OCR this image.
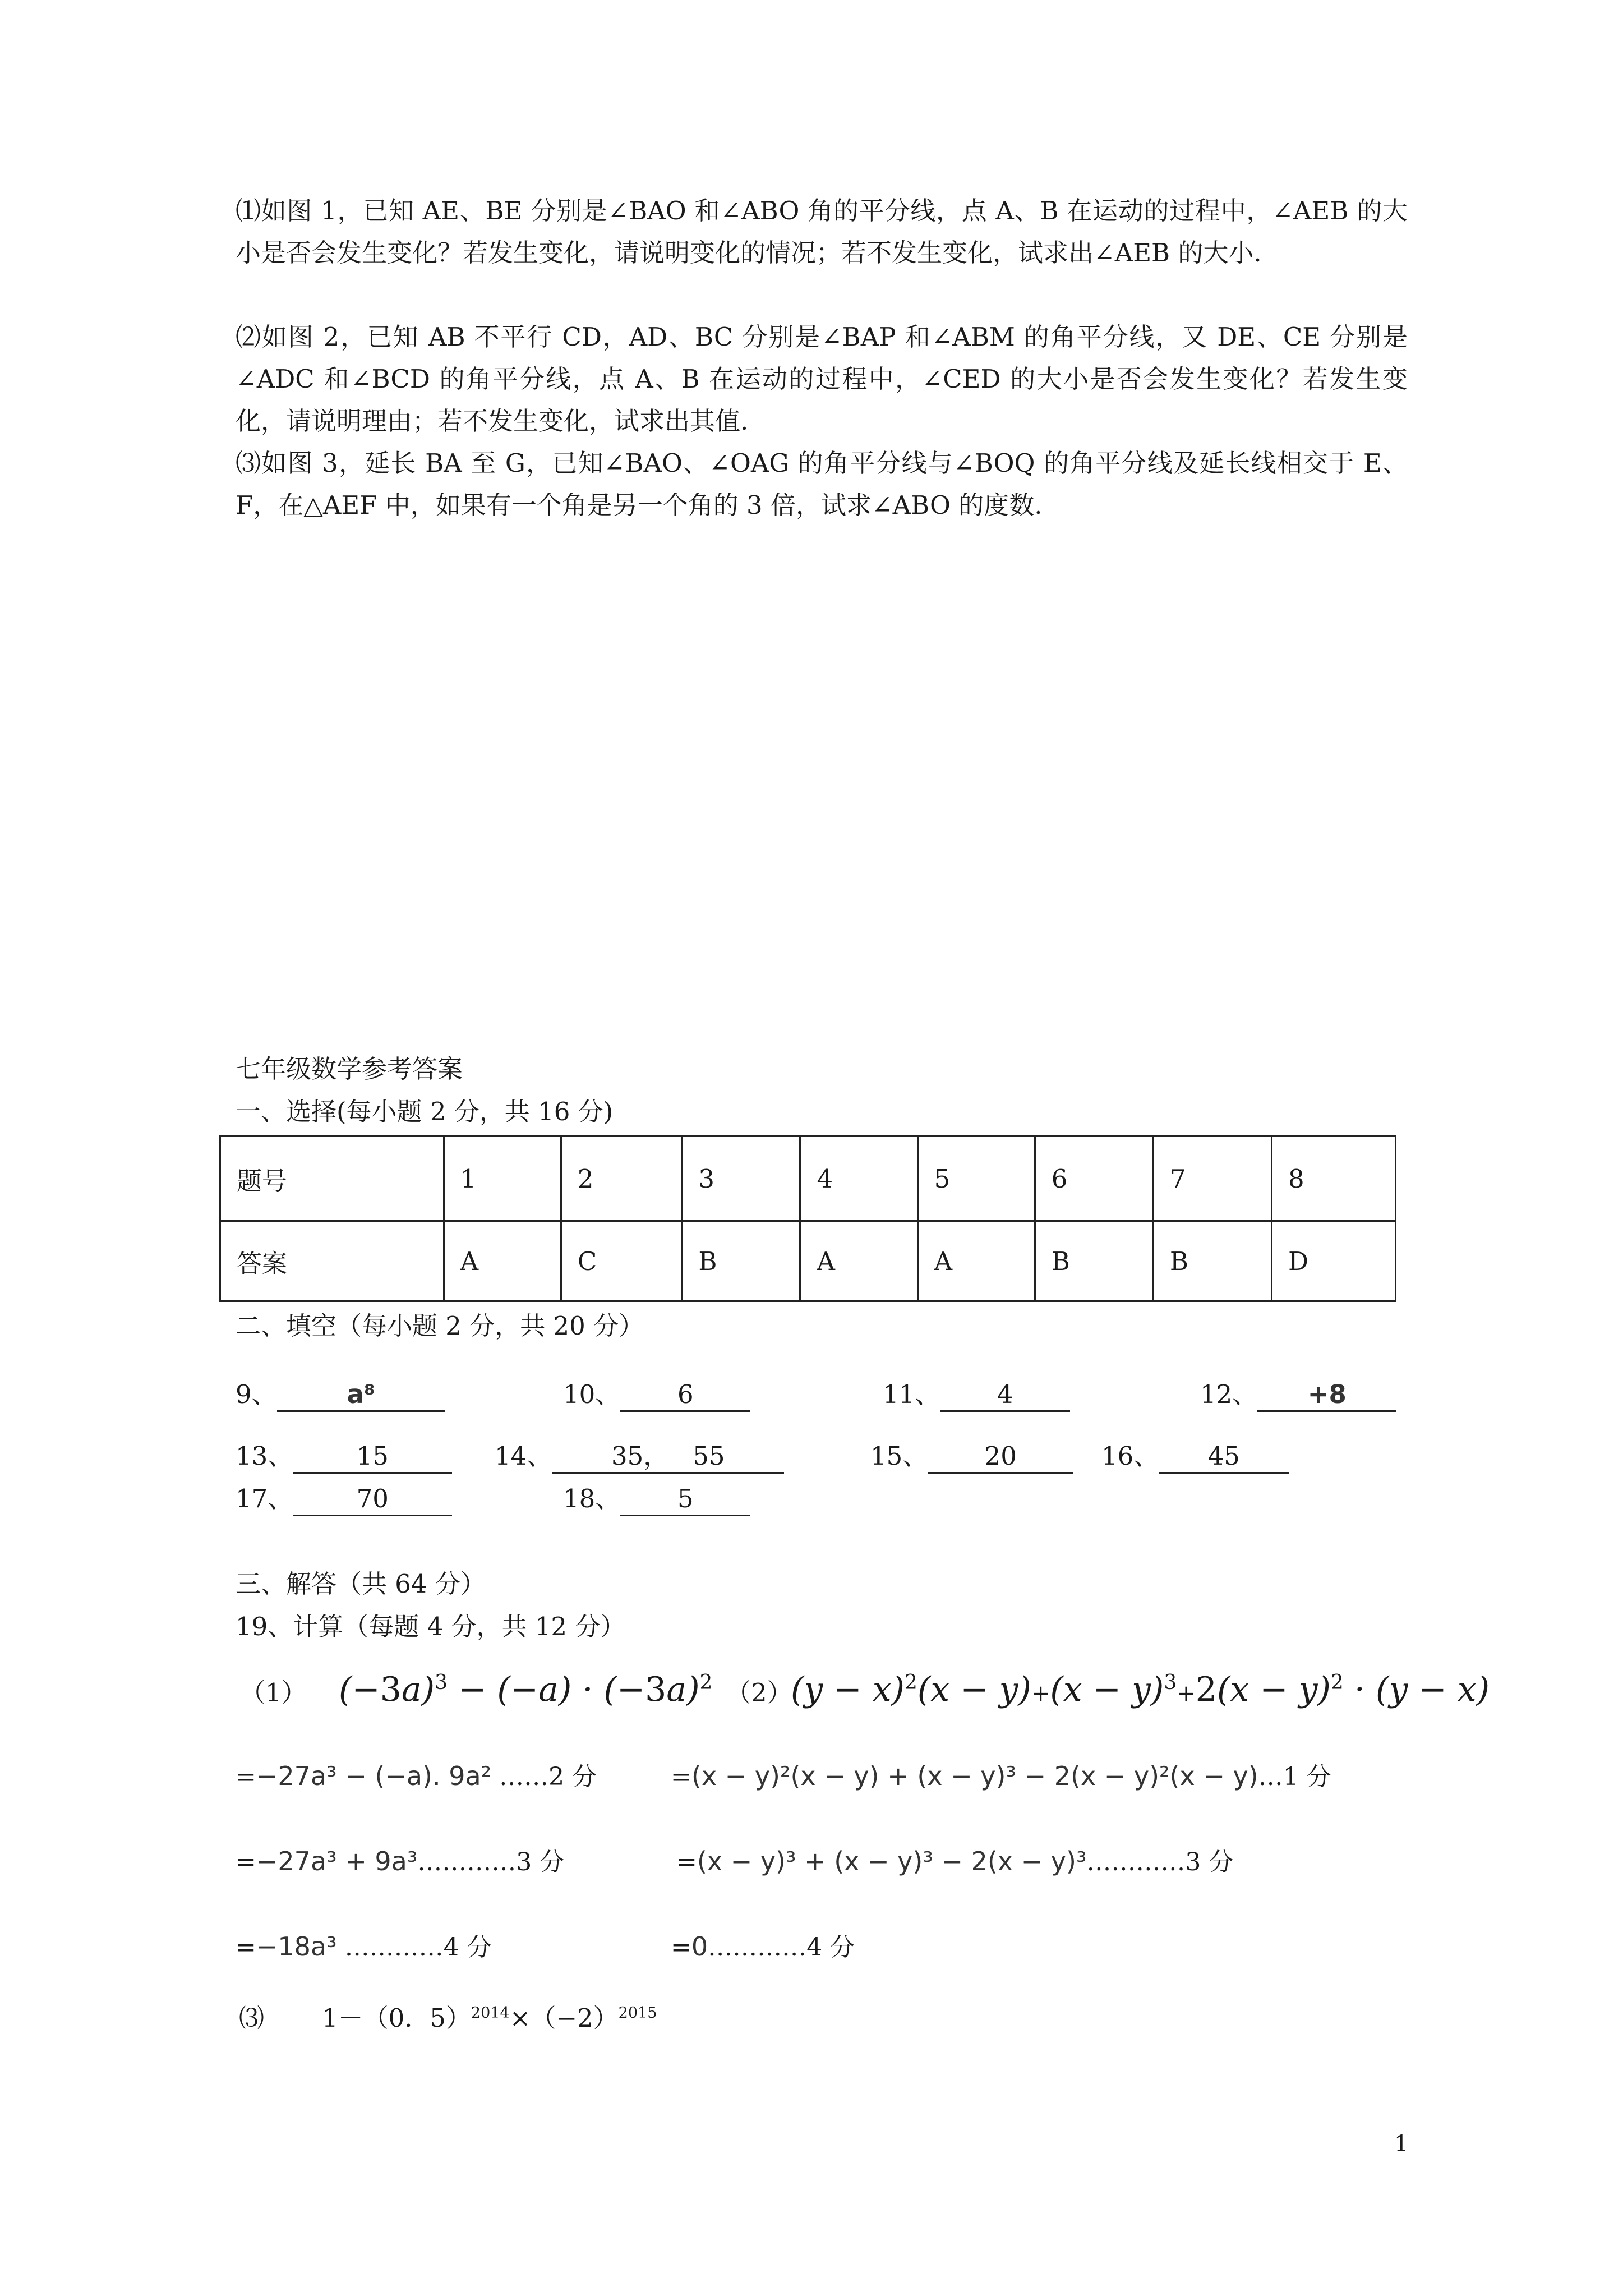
⑴如图 1，已知 AE、BE 分别是∠BAO 和∠ABO 角的平分线，点 A、B 在运动的过程中，∠AEB 的大小是否会发生变化？若发生变化，请说明变化的情况；若不发生变化，试求出∠AEB 的大小.
⑵如图 2，已知 AB 不平行 CD，AD、BC 分别是∠BAP 和∠ABM 的角平分线，又 DE、CE 分别是∠ADC 和∠BCD 的角平分线，点 A、B 在运动的过程中，∠CED 的大小是否会发生变化？若发生变化，请说明理由；若不发生变化，试求出其值.
⑶如图 3，延长 BA 至 G，已知∠BAO、∠OAG 的角平分线与∠BOQ 的角平分线及延长线相交于 E、F，在△AEF 中，如果有一个角是另一个角的 3 倍，试求∠ABO 的度数.
七年级数学参考答案
一、选择(每小题 2 分，共 16 分)
题号	1	2	3	4	5	6	7	8
答案	A	C	B	A	A	B	B	D
二、填空（每小题 2 分，共 20 分）
9、	a⁸	10、 6	11、 4	12、 +8
13、	15	14、 35，   55	15、 20	16、 45
17、	70	18、 5
三、解答（共 64 分）
19、计算（每题 4 分，共 12 分）
（1） $(-3a)^3 - (-a) \cdot (-3a)^2$ （2）
$(y - x)^2(x - y)+(x - y)^3+2(x - y)^2 \cdot (y - x)$
=−27a³ − (−a). 9a² ……2 分
=−27a³ + 9a³…………3 分
=−18a³ …………4 分
=(x − y)²(x − y) + (x − y)³ − 2(x − y)²(x − y)…1 分
=(x − y)³ + (x − y)³ − 2(x − y)³…………3 分
=0…………4 分
⑶ 1－（0．$5)^{2014}\times(-2)^{2015}$
1
